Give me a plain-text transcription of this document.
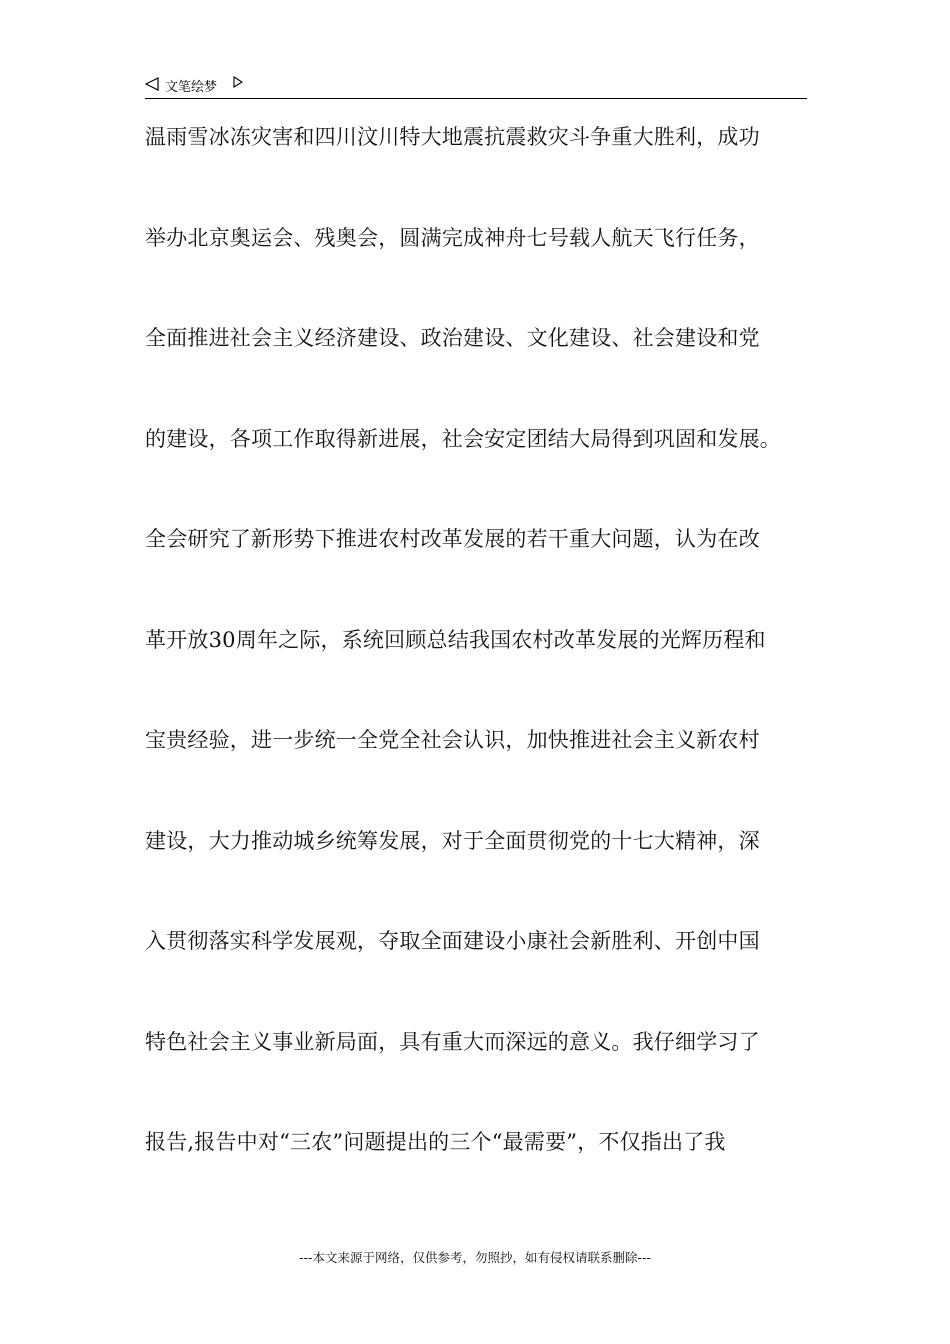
文笔绘梦
温雨雪冰冻灾害和四川汶川特大地震抗震救灾斗争重大胜利，成功
举办北京奥运会、残奥会，圆满完成神舟七号载人航天飞行任务，
全面推进社会主义经济建设、政治建设、文化建设、社会建设和党
的建设，各项工作取得新进展，社会安定团结大局得到巩固和发展。
全会研究了新形势下推进农村改革发展的若干重大问题，认为在改
革开放30周年之际，系统回顾总结我国农村改革发展的光辉历程和
宝贵经验，进一步统一全党全社会认识，加快推进社会主义新农村
建设，大力推动城乡统筹发展，对于全面贯彻党的十七大精神，深
入贯彻落实科学发展观，夺取全面建设小康社会新胜利、开创中国
特色社会主义事业新局面，具有重大而深远的意义。我仔细学习了
报告,报告中对“三农”问题提出的三个“最需要”，不仅指出了我
---本文来源于网络，仅供参考，勿照抄，如有侵权请联系删除---
